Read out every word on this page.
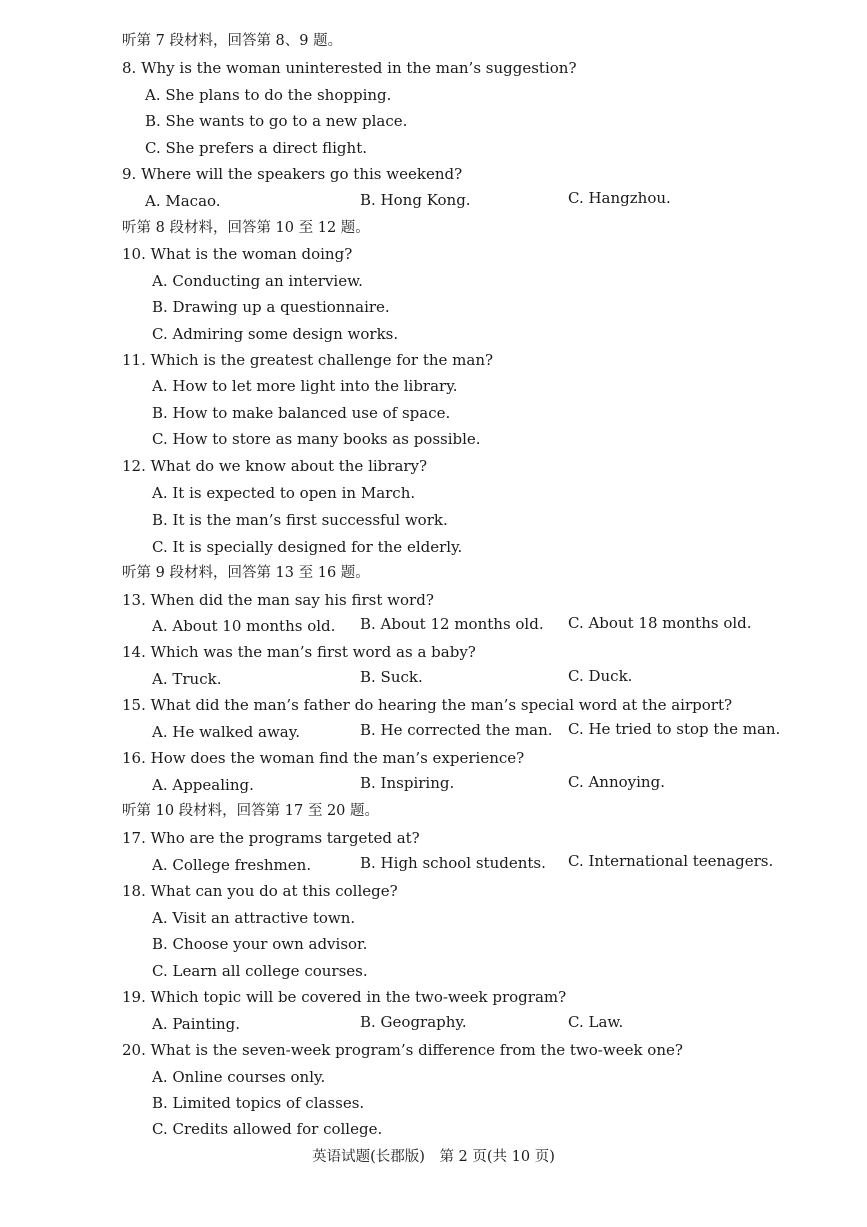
听第 7 段材料，回答第 8、9 题。
8. Why is the woman uninterested in the man’s suggestion?
A. She plans to do the shopping.
B. She wants to go to a new place.
C. She prefers a direct flight.
9. Where will the speakers go this weekend?
A. Macao.	B. Hong Kong.	C. Hangzhou.
听第 8 段材料，回答第 10 至 12 题。
10. What is the woman doing?
A. Conducting an interview.
B. Drawing up a questionnaire.
C. Admiring some design works.
11. Which is the greatest challenge for the man?
A. How to let more light into the library.
B. How to make balanced use of space.
C. How to store as many books as possible.
12. What do we know about the library?
A. It is expected to open in March.
B. It is the man’s first successful work.
C. It is specially designed for the elderly.
听第 9 段材料，回答第 13 至 16 题。
13. When did the man say his first word?
A. About 10 months old. B. About 12 months old. C. About 18 months old.
14. Which was the man’s first word as a baby?
A. Truck.	B. Suck.	C. Duck.
15. What did the man’s father do hearing the man’s special word at the airport?
A. He walked away.	B. He corrected the man. C. He tried to stop the man.
16. How does the woman find the man’s experience?
A. Appealing.	B. Inspiring.	C. Annoying.
听第 10 段材料，回答第 17 至 20 题。
17. Who are the programs targeted at?
A. College freshmen.	B. High school students. C. International teenagers.
18. What can you do at this college?
A. Visit an attractive town.
B. Choose your own advisor.
C. Learn all college courses.
19. Which topic will be covered in the two-week program?
A. Painting.	B. Geography.	C. Law.
20. What is the seven-week program’s difference from the two-week one?
A. Online courses only.
B. Limited topics of classes.
C. Credits allowed for college.
英语试题(长郡版)　第 2 页(共 10 页)
